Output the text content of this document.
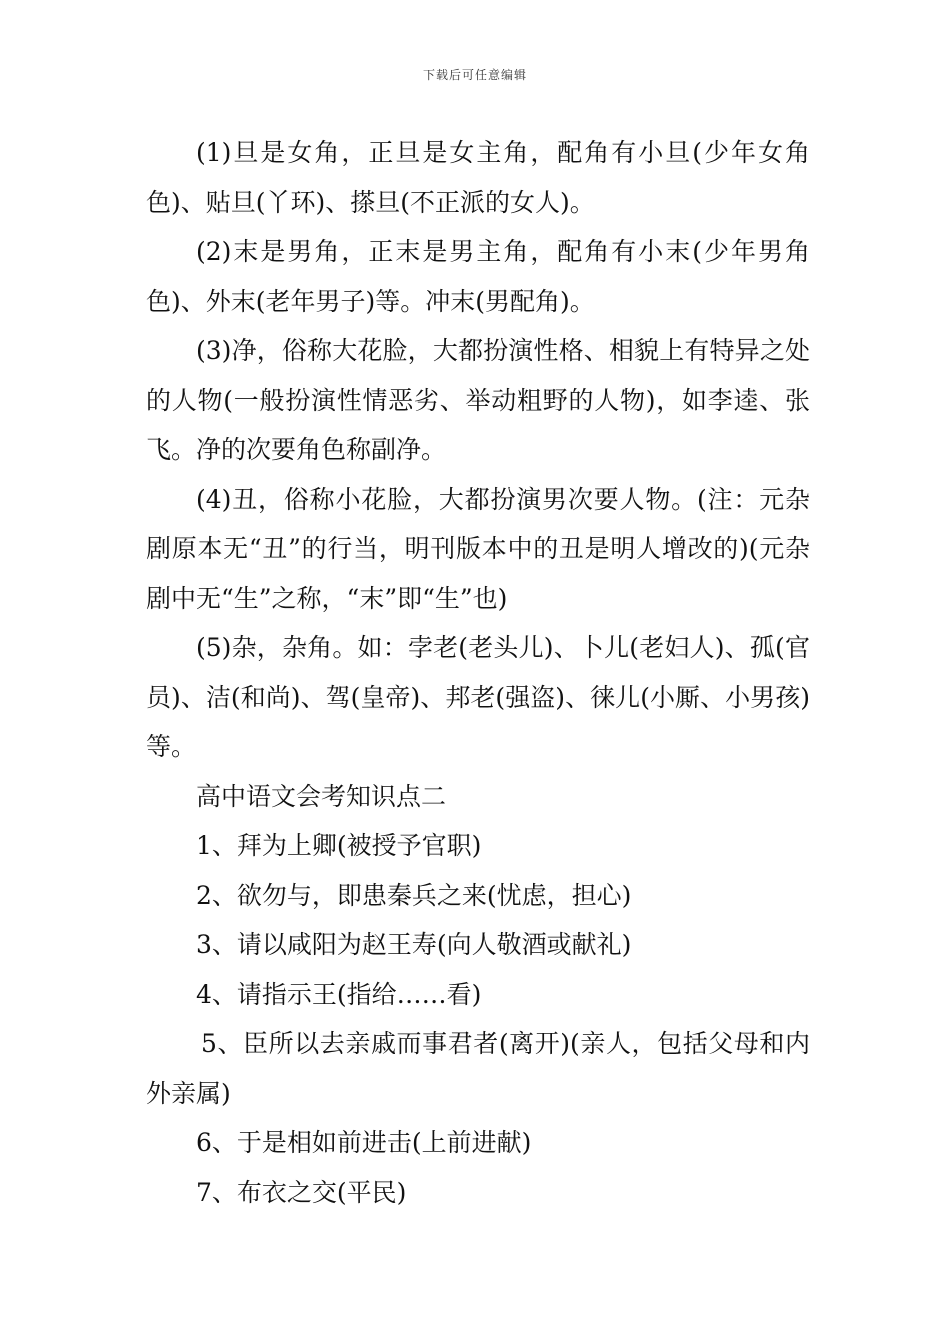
下载后可任意编辑

(1)旦是女角，正旦是女主角，配角有小旦(少年女角色)、贴旦(丫环)、搽旦(不正派的女人)。

(2)末是男角，正末是男主角，配角有小末(少年男角色)、外末(老年男子)等。冲末(男配角)。

(3)净，俗称大花脸，大都扮演性格、相貌上有特异之处的人物(一般扮演性情恶劣、举动粗野的人物)，如李逵、张飞。净的次要角色称副净。

(4)丑，俗称小花脸，大都扮演男次要人物。(注：元杂剧原本无“丑”的行当，明刊版本中的丑是明人增改的)(元杂剧中无“生”之称，“末”即“生”也)

(5)杂，杂角。如：孛老(老头儿)、卜儿(老妇人)、孤(官员)、洁(和尚)、驾(皇帝)、邦老(强盗)、徕儿(小厮、小男孩)等。

高中语文会考知识点二

1、拜为上卿(被授予官职)

2、欲勿与，即患秦兵之来(忧虑，担心)

3、请以咸阳为赵王寿(向人敬酒或献礼)

4、请指示王(指给……看)

5、臣所以去亲戚而事君者(离开)(亲人，包括父母和内外亲属)

6、于是相如前进击(上前进献)

7、布衣之交(平民)
